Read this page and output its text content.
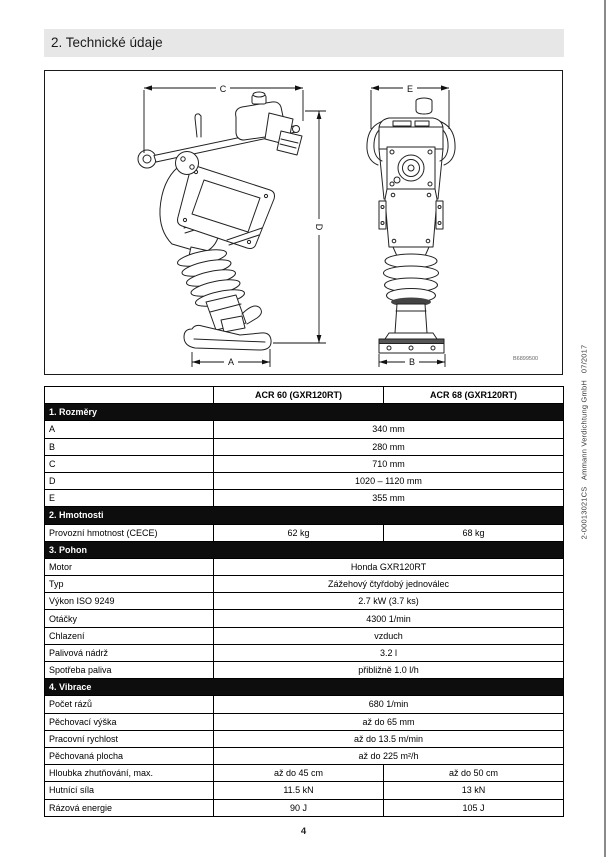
2. Technické údaje
C
D
A
E
B	B6899500
	ACR 60 (GXR120RT)	ACR 68 (GXR120RT)
1. Rozměry		
A	340 mm	
B	280 mm	
C	710 mm	
D	1020 – 1120 mm	
E	355 mm	
2. Hmotnosti		
Provozní hmotnost (CECE)	62 kg	68 kg
3. Pohon		
Motor	Honda GXR120RT	
Typ	Zážehový čtyřdobý jednoválec	
Výkon ISO 9249	2.7 kW (3.7 ks)	
Otáčky	4300 1/min	
Chlazení	vzduch	
Palivová nádrž	3.2 l	
Spotřeba paliva	přibližně 1.0 l/h	
4. Vibrace		
Počet rázů	680 1/min	
Pěchovací výška	až do 65 mm	
Pracovní rychlost	až do 13.5 m/min	
Pěchovaná plocha	až do 225 m²/h	
Hloubka zhutňování, max.	až do 45 cm	až do 50 cm
Hutnící síla	11.5 kN	13 kN
Rázová energie	90 J	105 J
2-00013021CS   Ammann Verdichtung GmbH   07/2017
4
